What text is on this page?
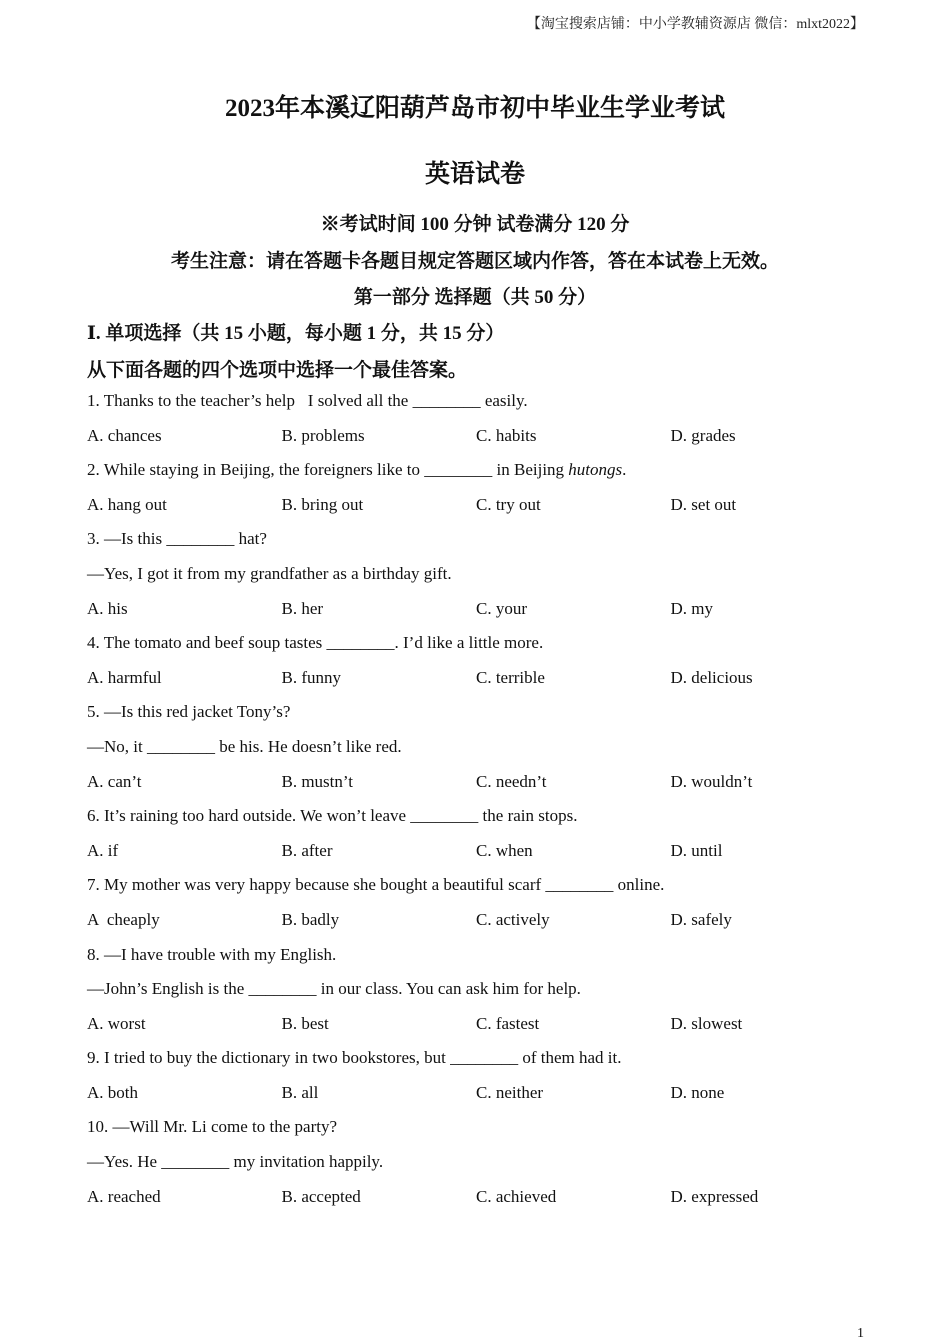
【淘宝搜索店铺：中小学教辅资源店 微信：mlxt2022】
2023年本溪辽阳葫芦岛市初中毕业生学业考试
英语试卷
※考试时间 100 分钟 试卷满分 120 分
考生注意：请在答题卡各题目规定答题区域内作答，答在本试卷上无效。
第一部分 选择题（共 50 分）
Ⅰ. 单项选择（共 15 小题，每小题 1 分，共 15 分）
从下面各题的四个选项中选择一个最佳答案。
1. Thanks to the teacher’s help   I solved all the ________ easily.
A. chances	B. problems	C. habits	D. grades
2. While staying in Beijing, the foreigners like to ________ in Beijing hutongs.
A. hang out	B. bring out	C. try out	D. set out
3. —Is this ________ hat?
—Yes, I got it from my grandfather as a birthday gift.
A. his	B. her	C. your	D. my
4. The tomato and beef soup tastes ________. I’d like a little more.
A. harmful	B. funny	C. terrible	D. delicious
5. —Is this red jacket Tony’s?
—No, it ________ be his. He doesn’t like red.
A. can’t	B. mustn’t	C. needn’t	D. wouldn’t
6. It’s raining too hard outside. We won’t leave ________ the rain stops.
A. if	B. after	C. when	D. until
7. My mother was very happy because she bought a beautiful scarf ________ online.
A  cheaply	B. badly	C. actively	D. safely
8. —I have trouble with my English.
—John’s English is the ________ in our class. You can ask him for help.
A. worst	B. best	C. fastest	D. slowest
9. I tried to buy the dictionary in two bookstores, but ________ of them had it.
A. both	B. all	C. neither	D. none
10. —Will Mr. Li come to the party?
—Yes. He ________ my invitation happily.
A. reached	B. accepted	C. achieved	D. expressed
1
